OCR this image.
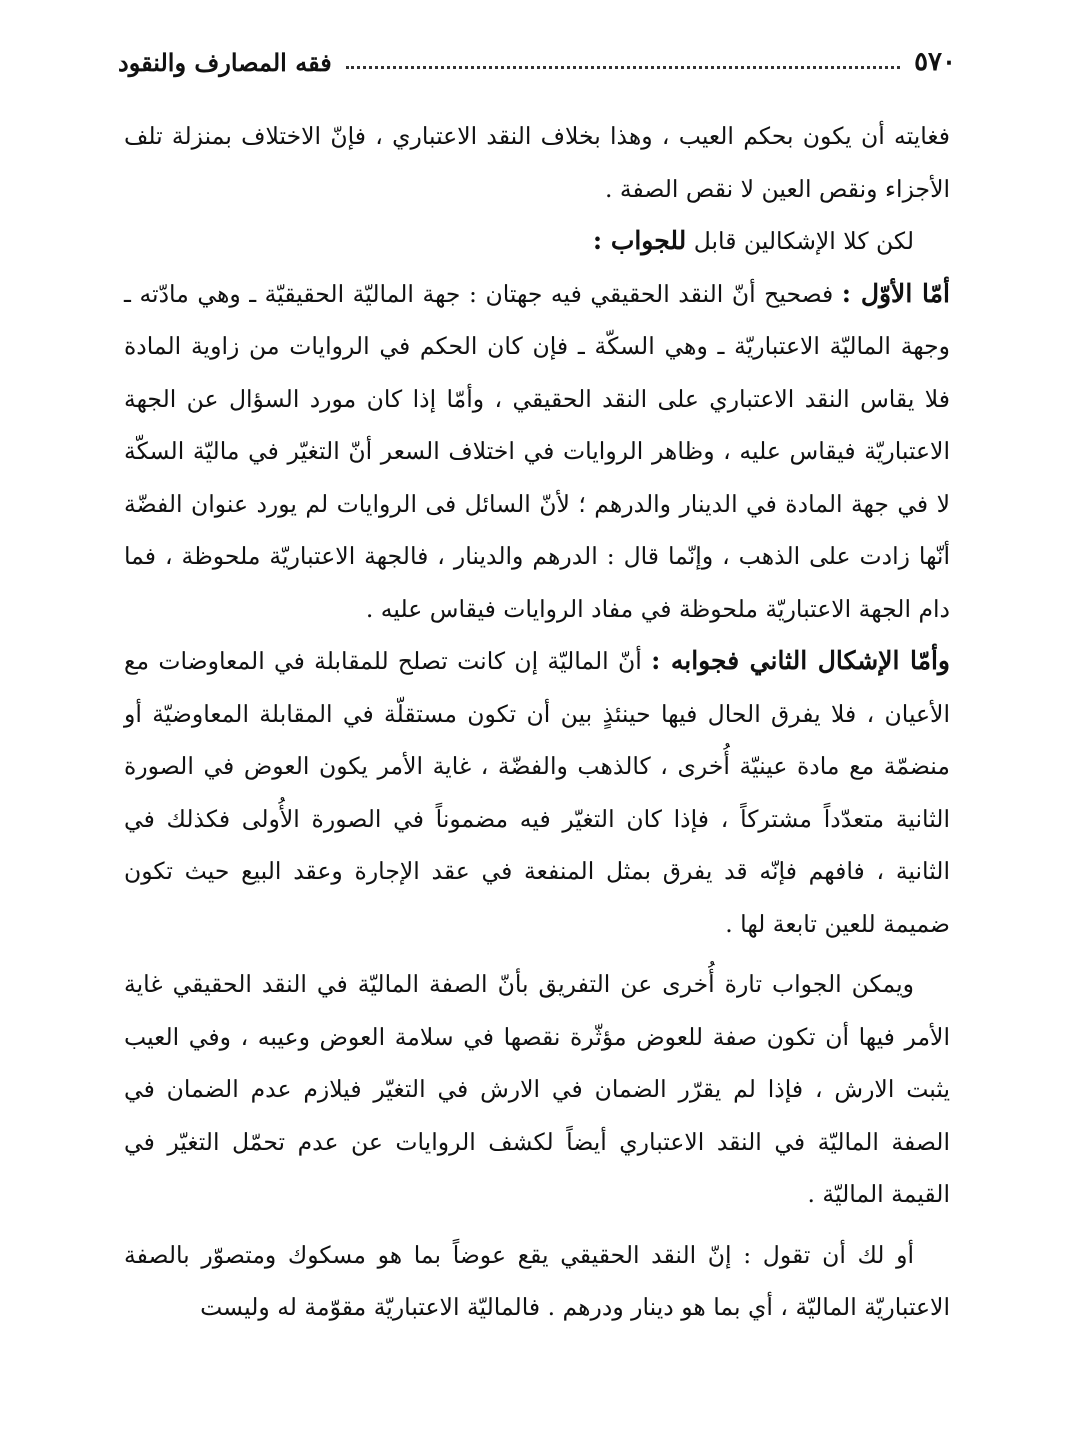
٥٧٠
فقه المصارف والنقود

فغايته أن يكون بحكم العيب ، وهذا بخلاف النقد الاعتباري ، فإنّ الاختلاف بمنزلة تلف الأجزاء ونقص العين لا نقص الصفة .

لكن كلا الإشكالين قابل للجواب :

أمّا الأوّل : فصحيح أنّ النقد الحقيقي فيه جهتان : جهة الماليّة الحقيقيّة ـ وهي مادّته ـ وجهة الماليّة الاعتباريّة ـ وهي السكّة ـ فإن كان الحكم في الروايات من زاوية المادة فلا يقاس النقد الاعتباري على النقد الحقيقي ، وأمّا إذا كان مورد السؤال عن الجهة الاعتباريّة فيقاس عليه ، وظاهر الروايات في اختلاف السعر أنّ التغيّر في ماليّة السكّة لا في جهة المادة في الدينار والدرهم ؛ لأنّ السائل فى الروايات لم يورد عنوان الفضّة أنّها زادت على الذهب ، وإنّما قال : الدرهم والدينار ، فالجهة الاعتباريّة ملحوظة ، فما دام الجهة الاعتباريّة ملحوظة في مفاد الروايات فيقاس عليه .

وأمّا الإشكال الثاني فجوابه : أنّ الماليّة إن كانت تصلح للمقابلة في المعاوضات مع الأعيان ، فلا يفرق الحال فيها حينئذٍ بين أن تكون مستقلّة في المقابلة المعاوضيّة أو منضمّة مع مادة عينيّة أُخرى ، كالذهب والفضّة ، غاية الأمر يكون العوض في الصورة الثانية متعدّداً مشتركاً ، فإذا كان التغيّر فيه مضموناً في الصورة الأُولى فكذلك في الثانية ، فافهم فإنّه قد يفرق بمثل المنفعة في عقد الإجارة وعقد البيع حيث تكون ضميمة للعين تابعة لها .

ويمكن الجواب تارة أُخرى عن التفريق بأنّ الصفة الماليّة في النقد الحقيقي غاية الأمر فيها أن تكون صفة للعوض مؤثّرة نقصها في سلامة العوض وعيبه ، وفي العيب يثبت الارش ، فإذا لم يقرّر الضمان في الارش في التغيّر فيلازم عدم الضمان في الصفة الماليّة في النقد الاعتباري أيضاً لكشف الروايات عن عدم تحمّل التغيّر في القيمة الماليّة .

أو لك أن تقول : إنّ النقد الحقيقي يقع عوضاً بما هو مسكوك ومتصوّر بالصفة الاعتباريّة الماليّة ، أي بما هو دينار ودرهم . فالماليّة الاعتباريّة مقوّمة له وليست
